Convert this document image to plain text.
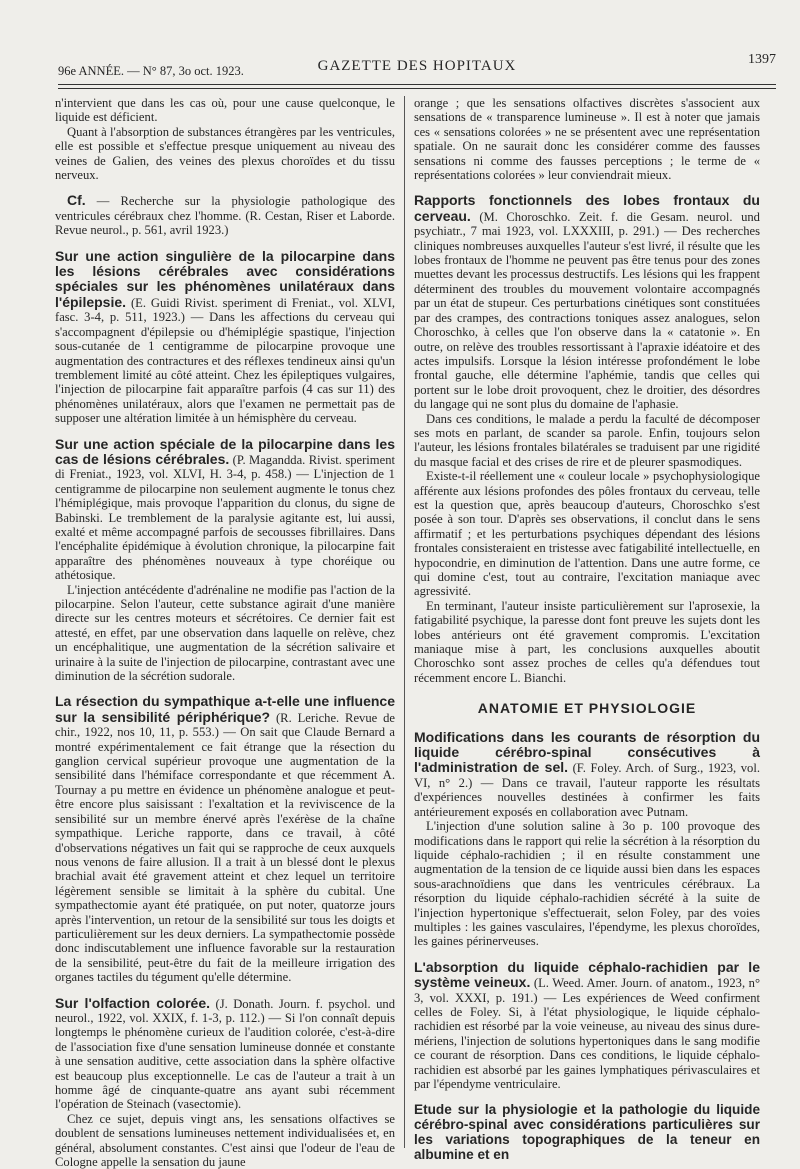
96e ANNÉE. — N° 87, 3o oct. 1923.	GAZETTE DES HOPITAUX	1397

n'intervient que dans les cas où, pour une cause quelconque, le liquide est déficient.

Quant à l'absorption de substances étrangères par les ventricules, elle est possible et s'effectue presque uniquement au niveau des veines de Galien, des veines des plexus choroïdes et du tissu nerveux.

Cf. — Recherche sur la physiologie pathologique des ventricules cérébraux chez l'homme. (R. Cestan, Riser et Laborde. Revue neurol., p. 561, avril 1923.)

Sur une action singulière de la pilocarpine dans les lésions cérébrales avec considérations spéciales sur les phénomènes unilatéraux dans l'épilepsie. (E. Guidi Rivist. speriment di Freniat., vol. XLVI, fasc. 3-4, p. 511, 1923.) — Dans les affections du cerveau qui s'accompagnent d'épilepsie ou d'hémiplégie spastique, l'injection sous-cutanée de 1 centigramme de pilocarpine provoque une augmentation des contractures et des réflexes tendineux ainsi qu'un tremblement limité au côté atteint. Chez les épileptiques vulgaires, l'injection de pilocarpine fait apparaître parfois (4 cas sur 11) des phénomènes unilatéraux, alors que l'examen ne permettait pas de supposer une altération limitée à un hémisphère du cerveau.

Sur une action spéciale de la pilocarpine dans les cas de lésions cérébrales. (P. Magandda. Rivist. speriment di Freniat., 1923, vol. XLVI, H. 3-4, p. 458.) — L'injection de 1 centigramme de pilocarpine non seulement augmente le tonus chez l'hémiplégique, mais provoque l'apparition du clonus, du signe de Babinski. Le tremblement de la paralysie agitante est, lui aussi, exalté et même accompagné parfois de secousses fibrillaires. Dans l'encéphalite épidémique à évolution chronique, la pilocarpine fait apparaître des phénomènes nouveaux à type choréique ou athétosique.

L'injection antécédente d'adrénaline ne modifie pas l'action de la pilocarpine. Selon l'auteur, cette substance agirait d'une manière directe sur les centres moteurs et sécrétoires. Ce dernier fait est attesté, en effet, par une observation dans laquelle on relève, chez un encéphalitique, une augmentation de la sécrétion salivaire et urinaire à la suite de l'injection de pilocarpine, contrastant avec une diminution de la sécrétion sudorale.

La résection du sympathique a-t-elle une influence sur la sensibilité périphérique? (R. Leriche. Revue de chir., 1922, nos 10, 11, p. 553.) — On sait que Claude Bernard a montré expérimentalement ce fait étrange que la résection du ganglion cervical supérieur provoque une augmentation de la sensibilité dans l'hémiface correspondante et que récemment A. Tournay a pu mettre en évidence un phénomène analogue et peut-être encore plus saisissant : l'exaltation et la reviviscence de la sensibilité sur un membre énervé après l'exérèse de la chaîne sympathique. Leriche rapporte, dans ce travail, à côté d'observations négatives un fait qui se rapproche de ceux auxquels nous venons de faire allusion. Il a trait à un blessé dont le plexus brachial avait été gravement atteint et chez lequel un territoire légèrement sensible se limitait à la sphère du cubital. Une sympathectomie ayant été pratiquée, on put noter, quatorze jours après l'intervention, un retour de la sensibilité sur tous les doigts et particulièrement sur les deux derniers. La sympathectomie possède donc indiscutablement une influence favorable sur la restauration de la sensibilité, peut-être du fait de la meilleure irrigation des organes tactiles du tégument qu'elle détermine.

Sur l'olfaction colorée. (J. Donath. Journ. f. psychol. und neurol., 1922, vol. XXIX, f. 1-3, p. 112.) — Si l'on connaît depuis longtemps le phénomène curieux de l'audition colorée, c'est-à-dire de l'association fixe d'une sensation lumineuse donnée et constante à une sensation auditive, cette association dans la sphère olfactive est beaucoup plus exceptionnelle. Le cas de l'auteur a trait à un homme âgé de cinquante-quatre ans ayant subi récemment l'opération de Steinach (vasectomie).

Chez ce sujet, depuis vingt ans, les sensations olfactives se doublent de sensations lumineuses nettement individualisées et, en général, absolument constantes. C'est ainsi que l'odeur de l'eau de Cologne appelle la sensation du jaune

orange ; que les sensations olfactives discrètes s'associent aux sensations de « transparence lumineuse ». Il est à noter que jamais ces « sensations colorées » ne se présentent avec une représentation spatiale. On ne saurait donc les considérer comme des fausses sensations ni comme des fausses perceptions ; le terme de « représentations colorées » leur conviendrait mieux.

Rapports fonctionnels des lobes frontaux du cerveau. (M. Choroschko. Zeit. f. die Gesam. neurol. und psychiatr., 7 mai 1923, vol. LXXXIII, p. 291.) — Des recherches cliniques nombreuses auxquelles l'auteur s'est livré, il résulte que les lobes frontaux de l'homme ne peuvent pas être tenus pour des zones muettes devant les processus destructifs. Les lésions qui les frappent déterminent des troubles du mouvement volontaire accompagnés par un état de stupeur. Ces perturbations cinétiques sont constituées par des crampes, des contractions toniques assez analogues, selon Choroschko, à celles que l'on observe dans la « catatonie ». En outre, on relève des troubles ressortissant à l'apraxie idéatoire et des actes impulsifs. Lorsque la lésion intéresse profondément le lobe frontal gauche, elle détermine l'aphémie, tandis que celles qui portent sur le lobe droit provoquent, chez le droitier, des désordres du langage qui ne sont plus du domaine de l'aphasie.

Dans ces conditions, le malade a perdu la faculté de décomposer ses mots en parlant, de scander sa parole. Enfin, toujours selon l'auteur, les lésions frontales bilatérales se traduisent par une rigidité du masque facial et des crises de rire et de pleurer spasmodiques.

Existe-t-il réellement une « couleur locale » psychophysiologique afférente aux lésions profondes des pôles frontaux du cerveau, telle est la question que, après beaucoup d'auteurs, Choroschko s'est posée à son tour. D'après ses observations, il conclut dans le sens affirmatif ; et les perturbations psychiques dépendant des lésions frontales consisteraient en tristesse avec fatigabilité intellectuelle, en hypocondrie, en diminution de l'attention. Dans une autre forme, ce qui domine c'est, tout au contraire, l'excitation maniaque avec agressivité.

En terminant, l'auteur insiste particulièrement sur l'aprosexie, la fatigabilité psychique, la paresse dont font preuve les sujets dont les lobes antérieurs ont été gravement compromis. L'excitation maniaque mise à part, les conclusions auxquelles aboutit Choroschko sont assez proches de celles qu'a défendues tout récemment encore L. Bianchi.

ANATOMIE ET PHYSIOLOGIE

Modifications dans les courants de résorption du liquide cérébro-spinal consécutives à l'administration de sel. (F. Foley. Arch. of Surg., 1923, vol. VI, n° 2.) — Dans ce travail, l'auteur rapporte les résultats d'expériences nouvelles destinées à confirmer les faits antérieurement exposés en collaboration avec Putnam.

L'injection d'une solution saline à 3o p. 100 provoque des modifications dans le rapport qui relie la sécrétion à la résorption du liquide céphalo-rachidien ; il en résulte constamment une augmentation de la tension de ce liquide aussi bien dans les espaces sous-arachnoïdiens que dans les ventricules cérébraux. La résorption du liquide céphalo-rachidien sécrété à la suite de l'injection hypertonique s'effectuerait, selon Foley, par des voies multiples : les gaines vasculaires, l'épendyme, les plexus choroïdes, les gaines périnerveuses.

L'absorption du liquide céphalo-rachidien par le système veineux. (L. Weed. Amer. Journ. of anatom., 1923, n° 3, vol. XXXI, p. 191.) — Les expériences de Weed confirment celles de Foley. Si, à l'état physiologique, le liquide céphalo-rachidien est résorbé par la voie veineuse, au niveau des sinus dure-mériens, l'injection de solutions hypertoniques dans le sang modifie ce courant de résorption. Dans ces conditions, le liquide céphalo-rachidien est absorbé par les gaines lymphatiques périvasculaires et par l'épendyme ventriculaire.

Etude sur la physiologie et la pathologie du liquide cérébro-spinal avec considérations particulières sur les variations topographiques de la teneur en albumine et en
